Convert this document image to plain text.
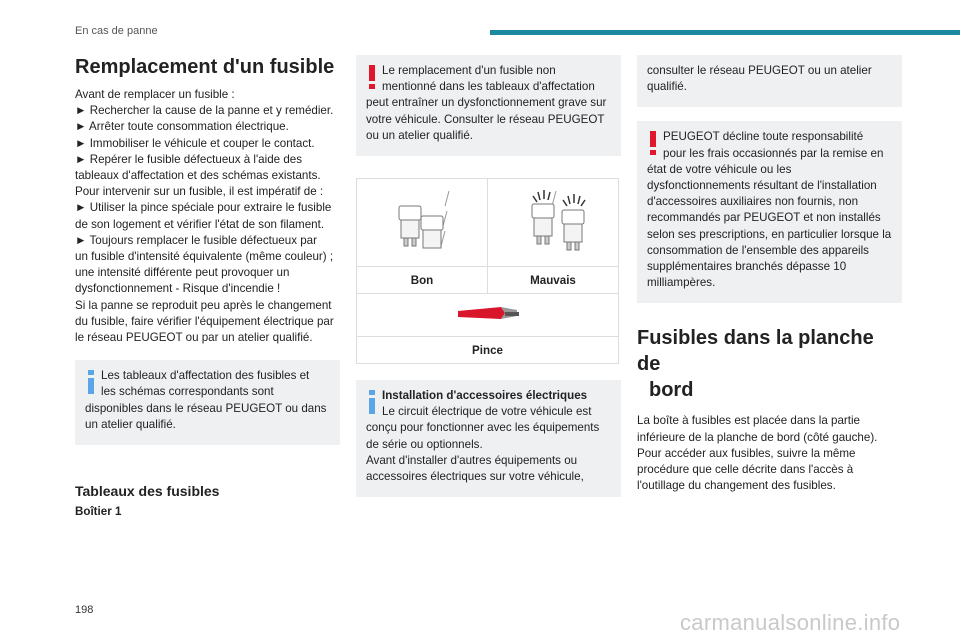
En cas de panne
Remplacement d'un fusible
Avant de remplacer un fusible :
► Rechercher la cause de la panne et y remédier.
► Arrêter toute consommation électrique.
► Immobiliser le véhicule et couper le contact.
► Repérer le fusible défectueux à l'aide des
tableaux d'affectation et des schémas existants.
Pour intervenir sur un fusible, il est impératif de :
► Utiliser la pince spéciale pour extraire le fusible
de son logement et vérifier l'état de son filament.
► Toujours remplacer le fusible défectueux par
un fusible d'intensité équivalente (même couleur) ;
une intensité différente peut provoquer un
dysfonctionnement - Risque d'incendie !
Si la panne se reproduit peu après le changement
du fusible, faire vérifier l'équipement électrique par
le réseau PEUGEOT ou par un atelier qualifié.
Les tableaux d'affectation des fusibles et
les schémas correspondants sont
disponibles dans le réseau PEUGEOT ou dans
un atelier qualifié.
Tableaux des fusibles
Boîtier 1
Le remplacement d'un fusible non
mentionné dans les tableaux d'affectation
peut entraîner un dysfonctionnement grave sur
votre véhicule. Consulter le réseau PEUGEOT
ou un atelier qualifié.

Bon	Mauvais

Pince	
Installation d'accessoires électriques
Le circuit électrique de votre véhicule est
conçu pour fonctionner avec les équipements
de série ou optionnels.
Avant d'installer d'autres équipements ou
accessoires électriques sur votre véhicule,
consulter le réseau PEUGEOT ou un atelier
qualifié.
PEUGEOT décline toute responsabilité
pour les frais occasionnés par la remise en
état de votre véhicule ou les
dysfonctionnements résultant de l'installation
d'accessoires auxiliaires non fournis, non
recommandés par PEUGEOT et non installés
selon ses prescriptions, en particulier lorsque la
consommation de l'ensemble des appareils
supplémentaires branchés dépasse 10
milliampères.
Fusibles dans la planche de
bord
La boîte à fusibles est placée dans la partie
inférieure de la planche de bord (côté gauche).
Pour accéder aux fusibles, suivre la même
procédure que celle décrite dans l'accès à
l'outillage du changement des fusibles.
198	carmanualsonline.info
